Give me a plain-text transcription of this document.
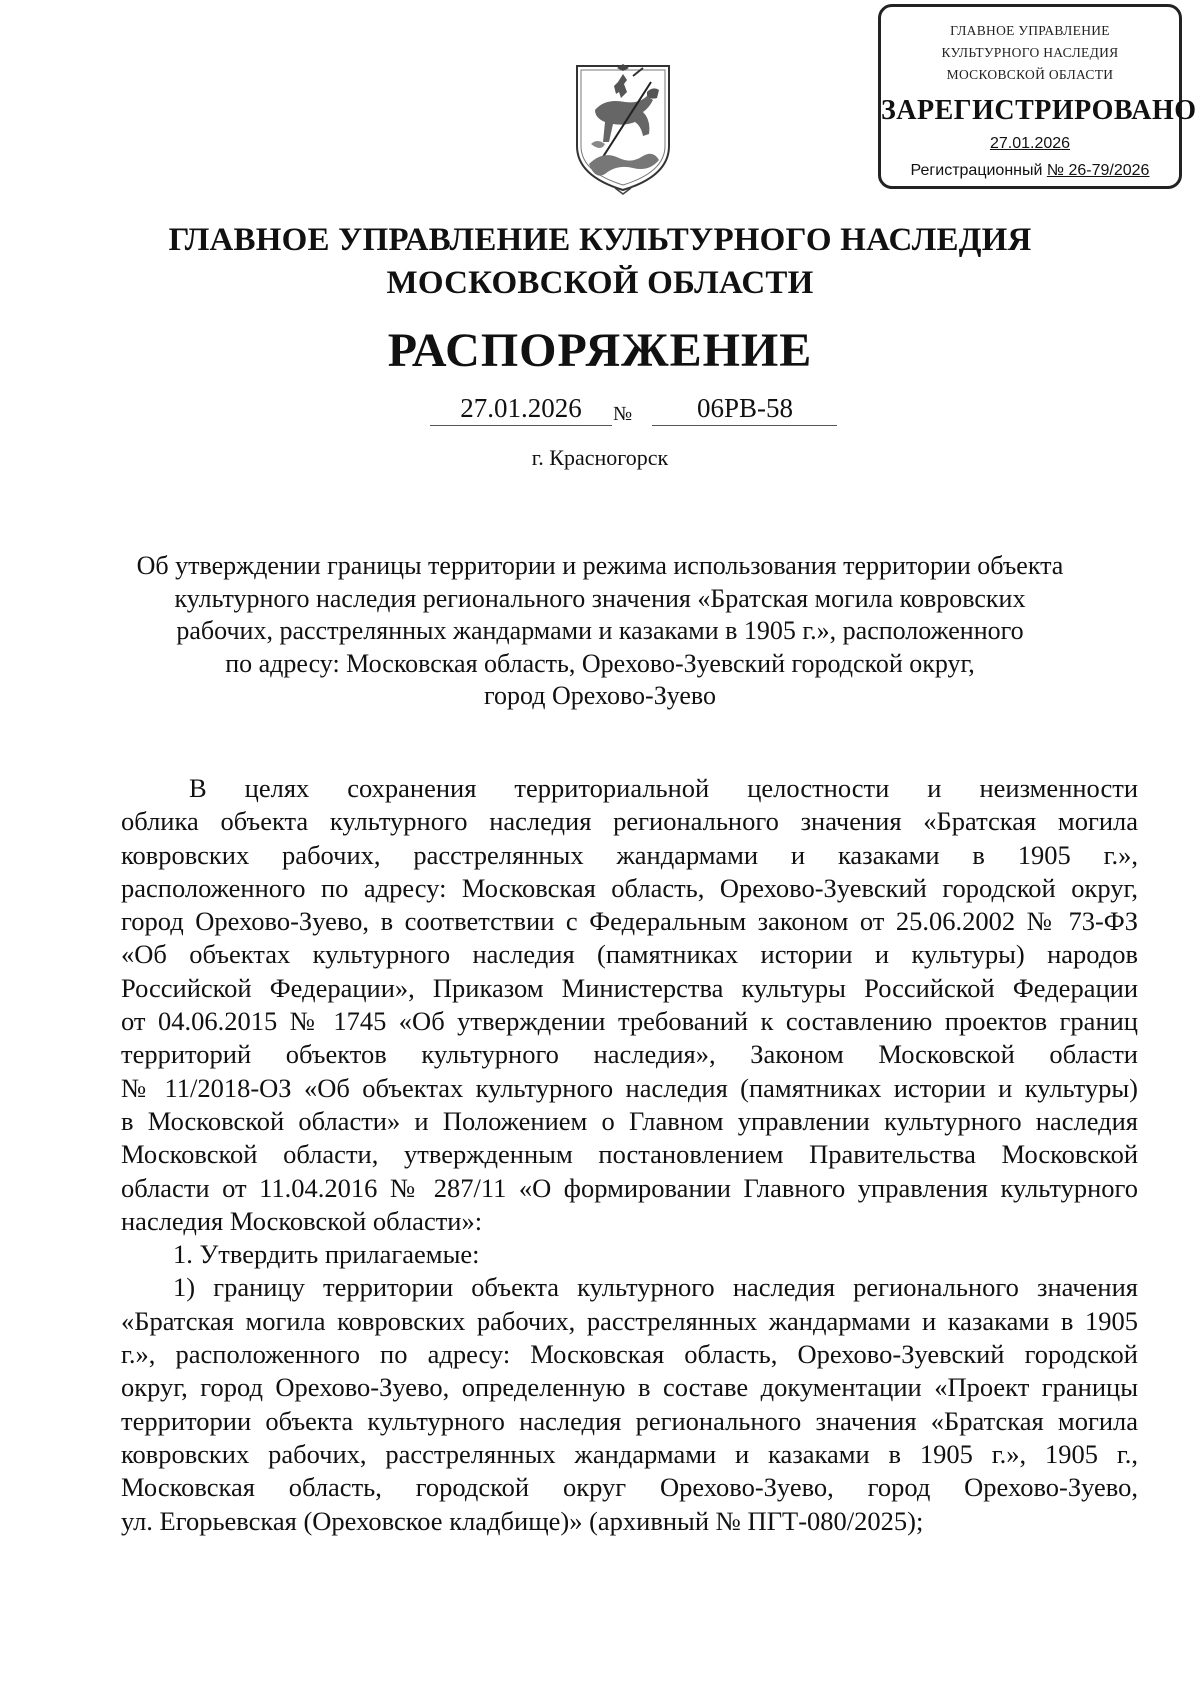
ГЛАВНОЕ УПРАВЛЕНИЕ
КУЛЬТУРНОГО НАСЛЕДИЯ
МОСКОВСКОЙ ОБЛАСТИ
ЗАРЕГИСТРИРОВАНО
27.01.2026
Регистрационный № 26-79/2026
ГЛАВНОЕ УПРАВЛЕНИЕ КУЛЬТУРНОГО НАСЛЕДИЯ
МОСКОВСКОЙ ОБЛАСТИ
РАСПОРЯЖЕНИЕ
27.01.2026	№	06РВ-58
г. Красногорск
Об утверждении границы территории и режима использования территории объекта
культурного наследия регионального значения «Братская могила ковровских
рабочих, расстрелянных жандармами и казаками в 1905 г.», расположенного
по адресу: Московская область, Орехово-Зуевский городской округ,
город Орехово-Зуево
В целях сохранения территориальной целостности и неизменности
облика объекта культурного наследия регионального значения «Братская могила
ковровских рабочих, расстрелянных жандармами и казаками в 1905 г.»,
расположенного по адресу: Московская область, Орехово-Зуевский городской округ,
город Орехово-Зуево, в соответствии с Федеральным законом от 25.06.2002 № 73-ФЗ
«Об объектах культурного наследия (памятниках истории и культуры) народов
Российской Федерации», Приказом Министерства культуры Российской Федерации
от 04.06.2015 № 1745 «Об утверждении требований к составлению проектов границ
территорий объектов культурного наследия», Законом Московской области
№ 11/2018-ОЗ «Об объектах культурного наследия (памятниках истории и культуры)
в Московской области» и Положением о Главном управлении культурного наследия
Московской области, утвержденным постановлением Правительства Московской
области от 11.04.2016 № 287/11 «О формировании Главного управления культурного
наследия Московской области»:
1. Утвердить прилагаемые:
1) границу территории объекта культурного наследия регионального значения
«Братская могила ковровских рабочих, расстрелянных жандармами и казаками в 1905
г.», расположенного по адресу: Московская область, Орехово-Зуевский городской
округ, город Орехово-Зуево, определенную в составе документации «Проект границы
территории объекта культурного наследия регионального значения «Братская могила
ковровских рабочих, расстрелянных жандармами и казаками в 1905 г.», 1905 г.,
Московская область, городской округ Орехово-Зуево, город Орехово-Зуево,
ул. Егорьевская (Ореховское кладбище)» (архивный № ПГТ-080/2025);
